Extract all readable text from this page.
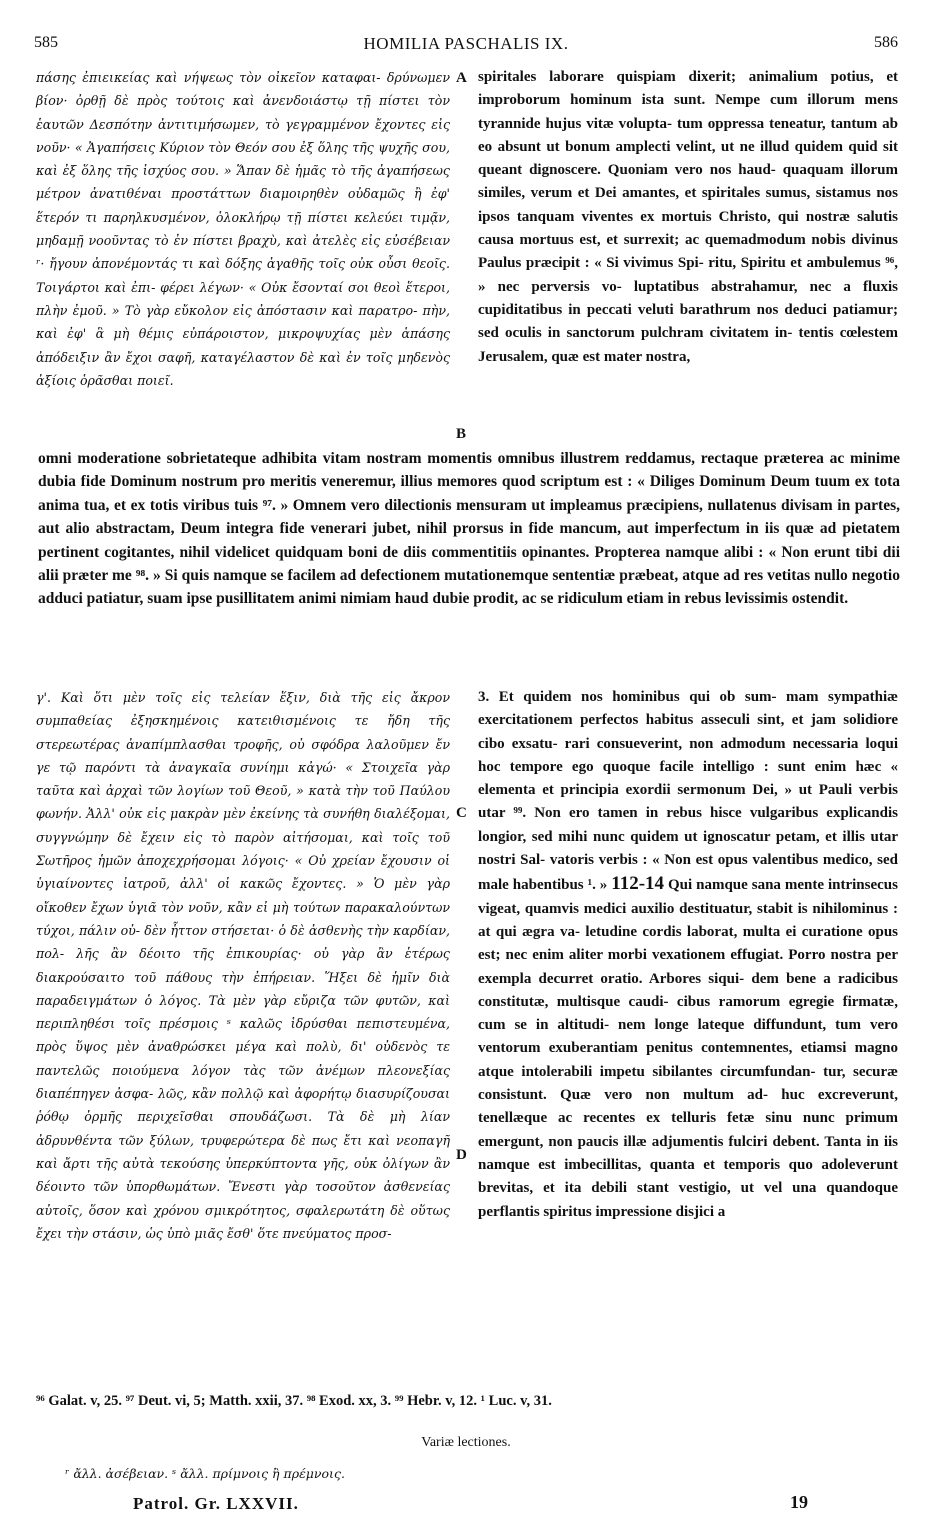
585	HOMILIA PASCHALIS IX.	586

πάσης ἐπιεικείας καὶ νήψεως τὸν οἰκεῖον καταφαι- δρύνωμεν βίον· ὀρθῇ δὲ πρὸς τούτοις καὶ ἀνενδοιάστῳ τῇ πίστει τὸν ἑαυτῶν Δεσπότην ἀντιτιμήσωμεν, τὸ γεγραμμένον ἔχοντες εἰς νοῦν· « Ἀγαπήσεις Κύριον τὸν Θεόν σου ἐξ ὅλης τῆς ψυχῆς σου, καὶ ἐξ ὅλης τῆς ἰσχύος σου. » Ἅπαν δὲ ἡμᾶς τὸ τῆς ἀγαπήσεως μέτρον ἀνατιθέναι προστάττων διαμοιρηθὲν οὐδαμῶς ἢ ἐφ' ἕτερόν τι παρηλκυσμένον, ὁλοκλήρῳ τῇ πίστει κελεύει τιμᾷν, μηδαμῇ νοοῦντας τὸ ἐν πίστει βραχὺ, καὶ ἀτελὲς εἰς εὐσέβειαν ʳ· ἤγουν ἀπονέμοντάς τι καὶ δόξης ἀγαθῆς τοῖς οὐκ οὖσι θεοῖς. Τοιγάρτοι καὶ ἐπι- φέρει λέγων· « Οὐκ ἔσονταί σοι θεοὶ ἕτεροι, πλὴν ἐμοῦ. » Τὸ γὰρ εὔκολον εἰς ἀπόστασιν καὶ παρατρο- πὴν, καὶ ἐφ' ἃ μὴ θέμις εὐπάροιστον, μικροψυχίας μὲν ἁπάσης ἀπόδειξιν ἂν ἔχοι σαφῆ, καταγέλαστον δὲ καὶ ἐν τοῖς μηδενὸς ἀξίοις ὁρᾶσθαι ποιεῖ.

spiritales laborare quispiam dixerit; animalium potius, et improborum hominum ista sunt. Nempe cum illorum mens tyrannide hujus vitæ volupta- tum oppressa teneatur, tantum ab eo absunt ut bonum amplecti velint, ut ne illud quidem quid sit queant dignoscere. Quoniam vero nos haud- quaquam illorum similes, verum et Dei amantes, et spiritales sumus, sistamus nos ipsos tanquam viventes ex mortuis Christo, qui nostræ salutis causa mortuus est, et surrexit; ac quemadmodum nobis divinus Paulus præcipit : « Si vivimus Spi- ritu, Spiritu et ambulemus ⁹⁶, » nec perversis vo- luptatibus abstrahamur, nec a fluxis cupiditatibus in peccati veluti barathrum nos deduci patiamur; sed oculis in sanctorum pulchram civitatem in- tentis cœlestem Jerusalem, quæ est mater nostra,

A
B

omni moderatione sobrietateque adhibita vitam nostram momentis omnibus illustrem reddamus, rectaque præterea ac minime dubia fide Dominum nostrum pro meritis veneremur, illius memores quod scriptum est : « Diliges Dominum Deum tuum ex tota anima tua, et ex totis viribus tuis ⁹⁷. » Omnem vero dilectionis mensuram ut impleamus præcipiens, nullatenus divisam in partes, aut alio abstractam, Deum integra fide venerari jubet, nihil prorsus in fide mancum, aut imperfectum in iis quæ ad pietatem pertinent cogitantes, nihil videlicet quidquam boni de diis commentitiis opinantes. Propterea namque alibi : « Non erunt tibi dii alii præter me ⁹⁸. » Si quis namque se facilem ad defectionem mutationemque sententiæ præbeat, atque ad res vetitas nullo negotio adduci patiatur, suam ipse pusillitatem animi nimiam haud dubie prodit, ac se ridiculum etiam in rebus levissimis ostendit.

γ'. Καὶ ὅτι μὲν τοῖς εἰς τελείαν ἕξιν, διὰ τῆς εἰς ἄκρον συμπαθείας ἐξησκημένοις κατειθισμένοις τε ἤδη τῆς στερεωτέρας ἀναπίμπλασθαι τροφῆς, οὐ σφόδρα λαλοῦμεν ἔν γε τῷ παρόντι τὰ ἀναγκαῖα συνίημι κἀγώ· « Στοιχεῖα γὰρ ταῦτα καὶ ἀρχαὶ τῶν λογίων τοῦ Θεοῦ, » κατὰ τὴν τοῦ Παύλου φωνήν. Ἀλλ' οὐκ εἰς μακρὰν μὲν ἐκείνης τὰ συνήθη διαλέξομαι, συγγνώμην δὲ ἔχειν εἰς τὸ παρὸν αἰτήσομαι, καὶ τοῖς τοῦ Σωτῆρος ἡμῶν ἀποχεχρήσομαι λόγοις· « Οὐ χρείαν ἔχουσιν οἱ ὑγιαίνοντες ἰατροῦ, ἀλλ' οἱ κακῶς ἔχοντες. » Ὁ μὲν γὰρ οἴκοθεν ἔχων ὑγιᾶ τὸν νοῦν, κἂν εἰ μὴ τούτων παρακαλούντων τύχοι, πάλιν οὐ- δὲν ἧττον στήσεται· ὁ δὲ ἀσθενὴς τὴν καρδίαν, πολ- λῆς ἂν δέοιτο τῆς ἐπικουρίας· οὐ γὰρ ἂν ἑτέρως διακρούσαιτο τοῦ πάθους τὴν ἐπήρειαν. Ἥξει δὲ ἡμῖν διὰ παραδειγμάτων ὁ λόγος. Τὰ μὲν γὰρ εὔριζα τῶν φυτῶν, καὶ περιπληθέσι τοῖς πρέσμοις ˢ καλῶς ἱδρύσθαι πεπιστευμένα, πρὸς ὕψος μὲν ἀναθρώσκει μέγα καὶ πολὺ, δι' οὐδενὸς τε παντελῶς ποιούμενα λόγον τὰς τῶν ἀνέμων πλεονεξίας διαπέπηγεν ἀσφα- λῶς, κἂν πολλῷ καὶ ἀφορήτῳ διασυρίζουσαι ῥόθῳ ὁρμῆς περιχεῖσθαι σπουδάζωσι. Τὰ δὲ μὴ λίαν ἀδρυνθέντα τῶν ξύλων, τρυφερώτερα δὲ πως ἔτι καὶ νεοπαγῆ καὶ ἄρτι τῆς αὐτὰ τεκούσης ὑπερκύπτοντα γῆς, οὐκ ὀλίγων ἂν δέοιντο τῶν ὑπορθωμάτων. Ἔνεστι γὰρ τοσοῦτον ἀσθενείας αὐτοῖς, ὅσον καὶ χρόνου σμικρότητος, σφαλερωτάτη δὲ οὕτως ἔχει τὴν στάσιν, ὡς ὑπὸ μιᾶς ἔσθ' ὅτε πνεύματος προσ-

3. Et quidem nos hominibus qui ob sum- mam sympathiæ exercitationem perfectos habitus asseculi sint, et jam solidiore cibo exsatu- rari consueverint, non admodum necessaria loqui hoc tempore ego quoque facile intelligo : sunt enim hæc « elementa et principia exordii sermonum Dei, » ut Pauli verbis utar ⁹⁹. Non ero tamen in rebus hisce vulgaribus explicandis longior, sed mihi nunc quidem ut ignoscatur petam, et illis utar nostri Sal- vatoris verbis : « Non est opus valentibus medico, sed male habentibus ¹. » 112-14 Qui namque sana mente intrinsecus vigeat, quamvis medici auxilio destituatur, stabit is nihilominus : at qui ægra va- letudine cordis laborat, multa ei curatione opus est; nec enim aliter morbi vexationem effugiat. Porro nostra per exempla decurret oratio. Arbores siqui- dem bene a radicibus constitutæ, multisque caudi- cibus ramorum egregie firmatæ, cum se in altitudi- nem longe lateque diffundunt, tum vero ventorum exuberantiam penitus contemnentes, etiamsi magno atque intolerabili impetu sibilantes circumfundan- tur, securæ consistunt. Quæ vero non multum ad- huc excreverunt, tenellæque ac recentes ex telluris fetæ sinu nunc primum emergunt, non paucis illæ adjumentis fulciri debent. Tanta in iis namque est imbecillitas, quanta et temporis quo adoleverunt brevitas, et ita debili stant vestigio, ut vel una quandoque perflantis spiritus impressione disjici a

C
D
⁹⁶ Galat. v, 25. ⁹⁷ Deut. vi, 5; Matth. xxii, 37. ⁹⁸ Exod. xx, 3. ⁹⁹ Hebr. v, 12. ¹ Luc. v, 31.
Variæ lectiones.
ʳ ἄλλ. ἀσέβειαν. ˢ ἄλλ. πρίμνοις ἢ πρέμνοις.
Patrol. Gr. LXXVII.	19
